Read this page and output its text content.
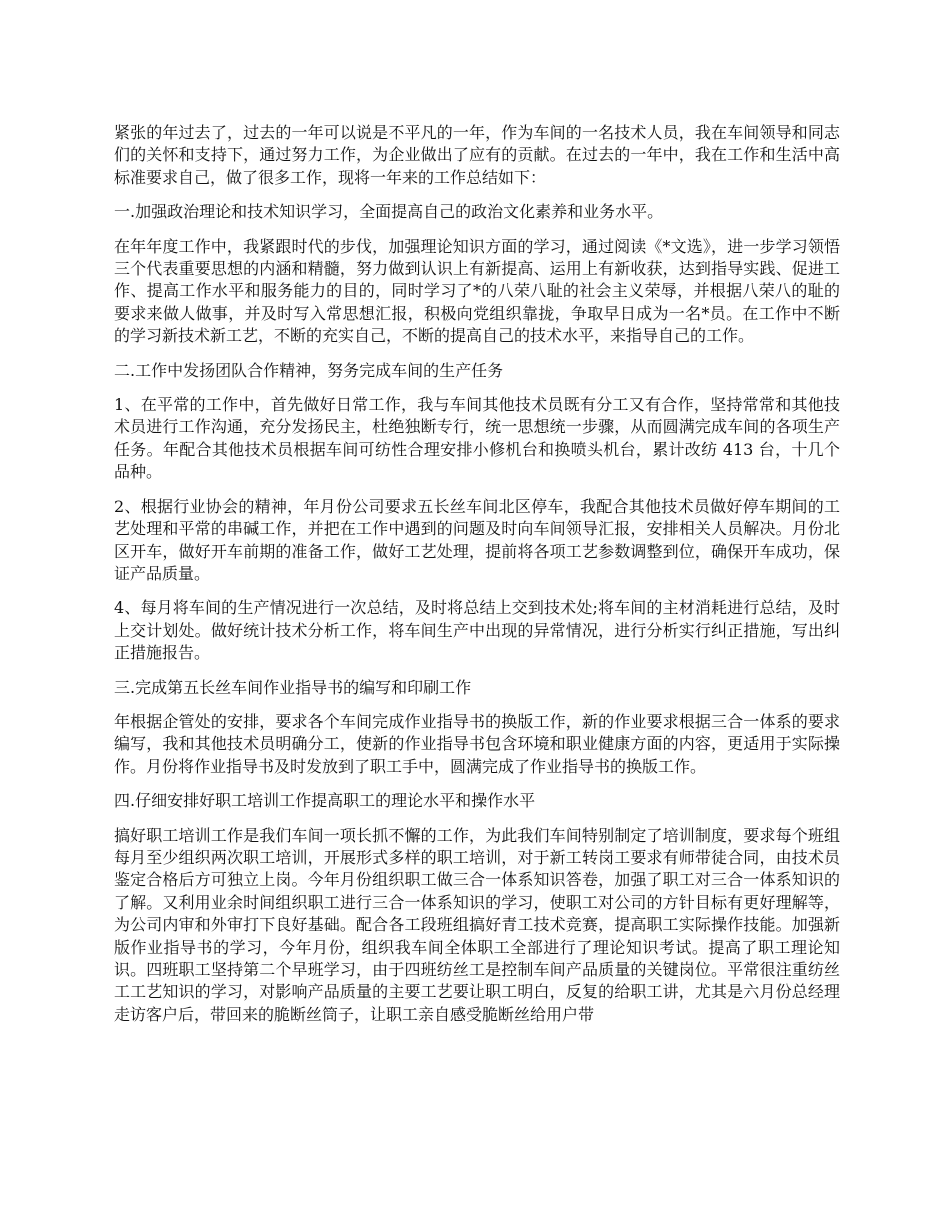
紧张的年过去了，过去的一年可以说是不平凡的一年，作为车间的一名技术人员，我在车间领导和同志们的关怀和支持下，通过努力工作，为企业做出了应有的贡献。在过去的一年中，我在工作和生活中高标准要求自己，做了很多工作，现将一年来的工作总结如下：

一.加强政治理论和技术知识学习，全面提高自己的政治文化素养和业务水平。

在年年度工作中，我紧跟时代的步伐，加强理论知识方面的学习，通过阅读《*文选》，进一步学习领悟三个代表重要思想的内涵和精髓，努力做到认识上有新提高、运用上有新收获，达到指导实践、促进工作、提高工作水平和服务能力的目的，同时学习了*的八荣八耻的社会主义荣辱，并根据八荣八的耻的要求来做人做事，并及时写入常思想汇报，积极向党组织靠拢，争取早日成为一名*员。在工作中不断的学习新技术新工艺，不断的充实自己，不断的提高自己的技术水平，来指导自己的工作。

二.工作中发扬团队合作精神，努务完成车间的生产任务

1、在平常的工作中，首先做好日常工作，我与车间其他技术员既有分工又有合作，坚持常常和其他技术员进行工作沟通，充分发扬民主，杜绝独断专行，统一思想统一步骤，从而圆满完成车间的各项生产任务。年配合其他技术员根据车间可纺性合理安排小修机台和换喷头机台，累计改纺 413 台，十几个品种。

2、根据行业协会的精神，年月份公司要求五长丝车间北区停车，我配合其他技术员做好停车期间的工艺处理和平常的串碱工作，并把在工作中遇到的问题及时向车间领导汇报，安排相关人员解决。月份北区开车，做好开车前期的准备工作，做好工艺处理，提前将各项工艺参数调整到位，确保开车成功，保证产品质量。

4、每月将车间的生产情况进行一次总结，及时将总结上交到技术处;将车间的主材消耗进行总结，及时上交计划处。做好统计技术分析工作，将车间生产中出现的异常情况，进行分析实行纠正措施，写出纠正措施报告。

三.完成第五长丝车间作业指导书的编写和印刷工作

年根据企管处的安排，要求各个车间完成作业指导书的换版工作，新的作业要求根据三合一体系的要求编写，我和其他技术员明确分工，使新的作业指导书包含环境和职业健康方面的内容，更适用于实际操作。月份将作业指导书及时发放到了职工手中，圆满完成了作业指导书的换版工作。

四.仔细安排好职工培训工作提高职工的理论水平和操作水平

搞好职工培训工作是我们车间一项长抓不懈的工作，为此我们车间特别制定了培训制度，要求每个班组每月至少组织两次职工培训，开展形式多样的职工培训，对于新工转岗工要求有师带徒合同，由技术员鉴定合格后方可独立上岗。今年月份组织职工做三合一体系知识答卷，加强了职工对三合一体系知识的了解。又利用业余时间组织职工进行三合一体系知识的学习，使职工对公司的方针目标有更好理解等，为公司内审和外审打下良好基础。配合各工段班组搞好青工技术竞赛，提高职工实际操作技能。加强新版作业指导书的学习，今年月份，组织我车间全体职工全部进行了理论知识考试。提高了职工理论知识。四班职工坚持第二个早班学习，由于四班纺丝工是控制车间产品质量的关键岗位。平常很注重纺丝工工艺知识的学习，对影响产品质量的主要工艺要让职工明白，反复的给职工讲，尤其是六月份总经理走访客户后，带回来的脆断丝筒子，让职工亲自感受脆断丝给用户带
